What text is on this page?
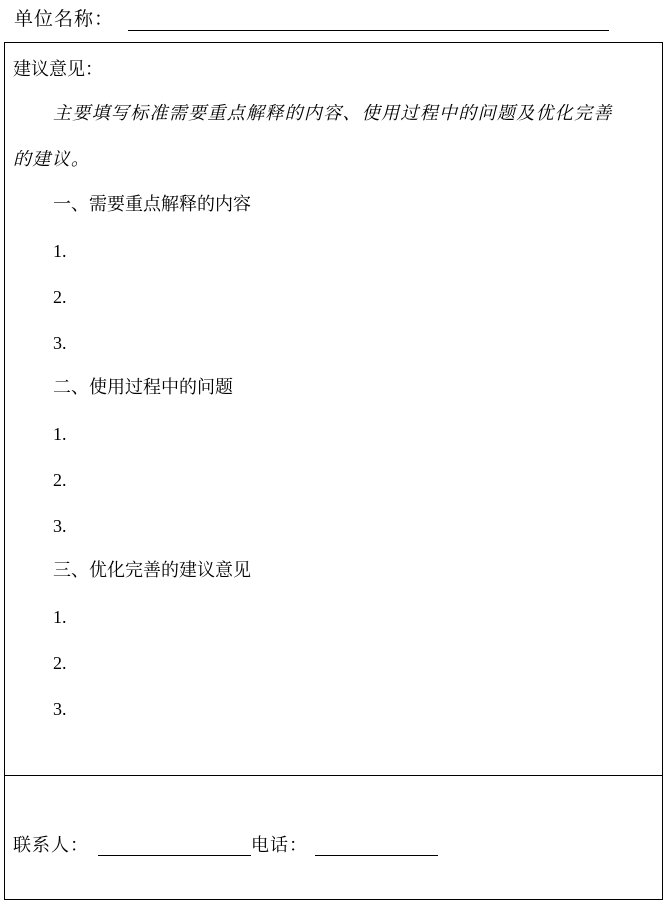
单位名称：
建议意见：
主要填写标准需要重点解释的内容、使用过程中的问题及优化完善
的建议。
一、需要重点解释的内容
1.
2.
3.
二、使用过程中的问题
1.
2.
3.
三、优化完善的建议意见
1.
2.
3.
联系人：	电话：
